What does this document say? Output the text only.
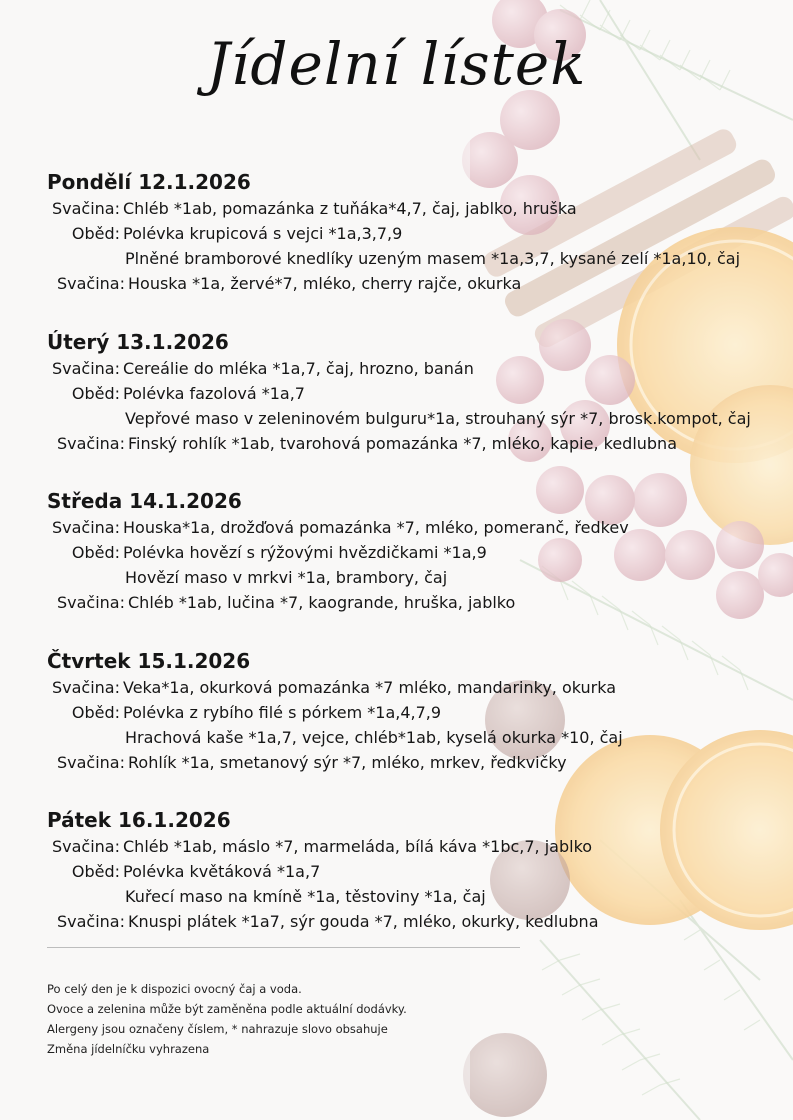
Jídelní lístek
Pondělí 12.1.2026
Svačina: Chléb *1ab, pomazánka z tuňáka*4,7, čaj, jablko, hruška
Oběd: Polévka krupicová s vejci *1a,3,7,9
Plněné bramborové knedlíky uzeným masem *1a,3,7, kysané zelí *1a,10, čaj
Svačina: Houska *1a, žervé*7, mléko, cherry rajče, okurka
Úterý 13.1.2026
Svačina: Cereálie do mléka *1a,7, čaj, hrozno, banán
Oběd: Polévka fazolová *1a,7
Vepřové maso v zeleninovém bulguru*1a, strouhaný sýr *7, brosk.kompot, čaj
Svačina: Finský rohlík *1ab, tvarohová pomazánka *7, mléko, kapie, kedlubna
Středa 14.1.2026
Svačina: Houska*1a, drožďová pomazánka *7, mléko, pomeranč, ředkev
Oběd: Polévka hovězí s rýžovými hvězdičkami *1a,9
Hovězí maso v mrkvi *1a, brambory, čaj
Svačina: Chléb *1ab, lučina *7, kaogrande, hruška, jablko
Čtvrtek 15.1.2026
Svačina: Veka*1a, okurková pomazánka *7 mléko, mandarinky, okurka
Oběd: Polévka z rybího filé s pórkem *1a,4,7,9
Hrachová kaše *1a,7, vejce, chléb*1ab, kyselá okurka *10, čaj
Svačina: Rohlík *1a, smetanový sýr *7, mléko, mrkev, ředkvičky
Pátek 16.1.2026
Svačina: Chléb *1ab, máslo *7, marmeláda, bílá káva *1bc,7, jablko
Oběd: Polévka květáková *1a,7
Kuřecí maso na kmíně *1a, těstoviny *1a, čaj
Svačina: Knuspi plátek *1a7, sýr gouda *7, mléko, okurky, kedlubna
Po celý den je k dispozici ovocný čaj a voda.
Ovoce a zelenina může být zaměněna podle aktuální dodávky.
Alergeny jsou označeny číslem, * nahrazuje slovo obsahuje
Změna jídelníčku vyhrazena
